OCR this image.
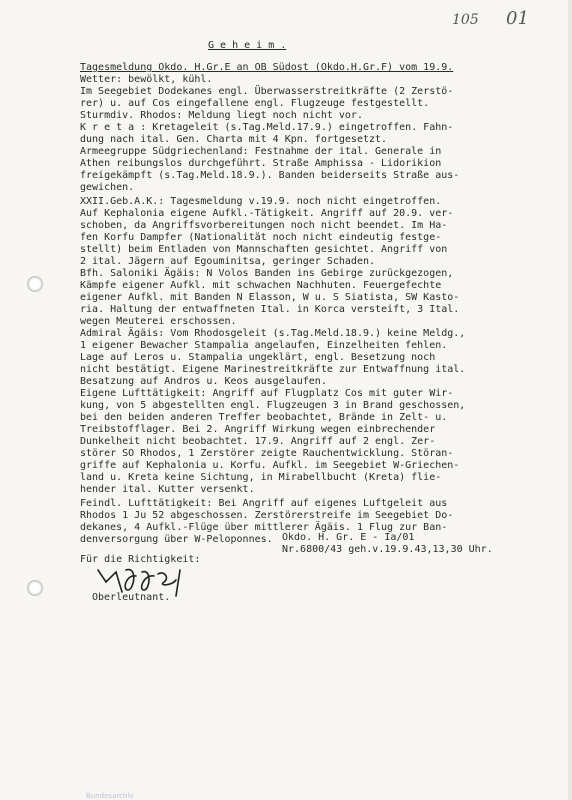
105 01
G e h e i m .
Tagesmeldung Okdo. H.Gr.E an OB Südost (Okdo.H.Gr.F) vom 19.9.
Wetter: bewölkt, kühl.
Im Seegebiet Dodekanes engl. Überwasserstreitkräfte (2 Zerstö-
rer) u. auf Cos eingefallene engl. Flugzeuge festgestellt.
Sturmdiv. Rhodos: Meldung liegt noch nicht vor.
K r e t a : Kretageleit (s.Tag.Meld.17.9.) eingetroffen. Fahn-
dung nach ital. Gen. Charta mit 4 Kpn. fortgesetzt.
Armeegruppe Südgriechenland: Festnahme der ital. Generale in
Athen reibungslos durchgeführt. Straße Amphissa - Lidorikion
freigekämpft (s.Tag.Meld.18.9.). Banden beiderseits Straße aus-
gewichen.
XXII.Geb.A.K.: Tagesmeldung v.19.9. noch nicht eingetroffen.
Auf Kephalonia eigene Aufkl.-Tätigkeit. Angriff auf 20.9. ver-
schoben, da Angriffsvorbereitungen noch nicht beendet. Im Ha-
fen Korfu Dampfer (Nationalität noch nicht eindeutig festge-
stellt) beim Entladen von Mannschaften gesichtet. Angriff von
2 ital. Jägern auf Egouminitsa, geringer Schaden.
Bfh. Saloniki Ägäis: N Volos Banden ins Gebirge zurückgezogen,
Kämpfe eigener Aufkl. mit schwachen Nachhuten. Feuergefechte
eigener Aufkl. mit Banden N Elasson, W u. S Siatista, SW Kasto-
ria. Haltung der entwaffneten Ital. in Korca versteift, 3 Ital.
wegen Meuterei erschossen.
Admiral Ägäis: Vom Rhodosgeleit (s.Tag.Meld.18.9.) keine Meldg.,
1 eigener Bewacher Stampalia angelaufen, Einzelheiten fehlen.
Lage auf Leros u. Stampalia ungeklärt, engl. Besetzung noch
nicht bestätigt. Eigene Marinestreitkräfte zur Entwaffnung ital.
Besatzung auf Andros u. Keos ausgelaufen.
Eigene Lufttätigkeit: Angriff auf Flugplatz Cos mit guter Wir-
kung, von 5 abgestellten engl. Flugzeugen 3 in Brand geschossen,
bei den beiden anderen Treffer beobachtet, Brände in Zelt- u.
Treibstofflager. Bei 2. Angriff Wirkung wegen einbrechender
Dunkelheit nicht beobachtet. 17.9. Angriff auf 2 engl. Zer-
störer SO Rhodos, 1 Zerstörer zeigte Rauchentwicklung. Störan-
griffe auf Kephalonia u. Korfu. Aufkl. im Seegebiet W-Griechen-
land u. Kreta keine Sichtung, in Mirabellbucht (Kreta) flie-
hender ital. Kutter versenkt.
Feindl. Lufttätigkeit: Bei Angriff auf eigenes Luftgeleit aus
Rhodos 1 Ju 52 abgeschossen. Zerstörerstreife im Seegebiet Do-
dekanes, 4 Aufkl.-Flüge über mittlerer Ägäis. 1 Flug zur Ban-
denversorgung über W-Peloponnes. Okdo. H. Gr. E - Ia/01
Nr.6800/43 geh.v.19.9.43,13,30 Uhr.
Für die Richtigkeit:
Oberleutnant.
Bundesarchiv
